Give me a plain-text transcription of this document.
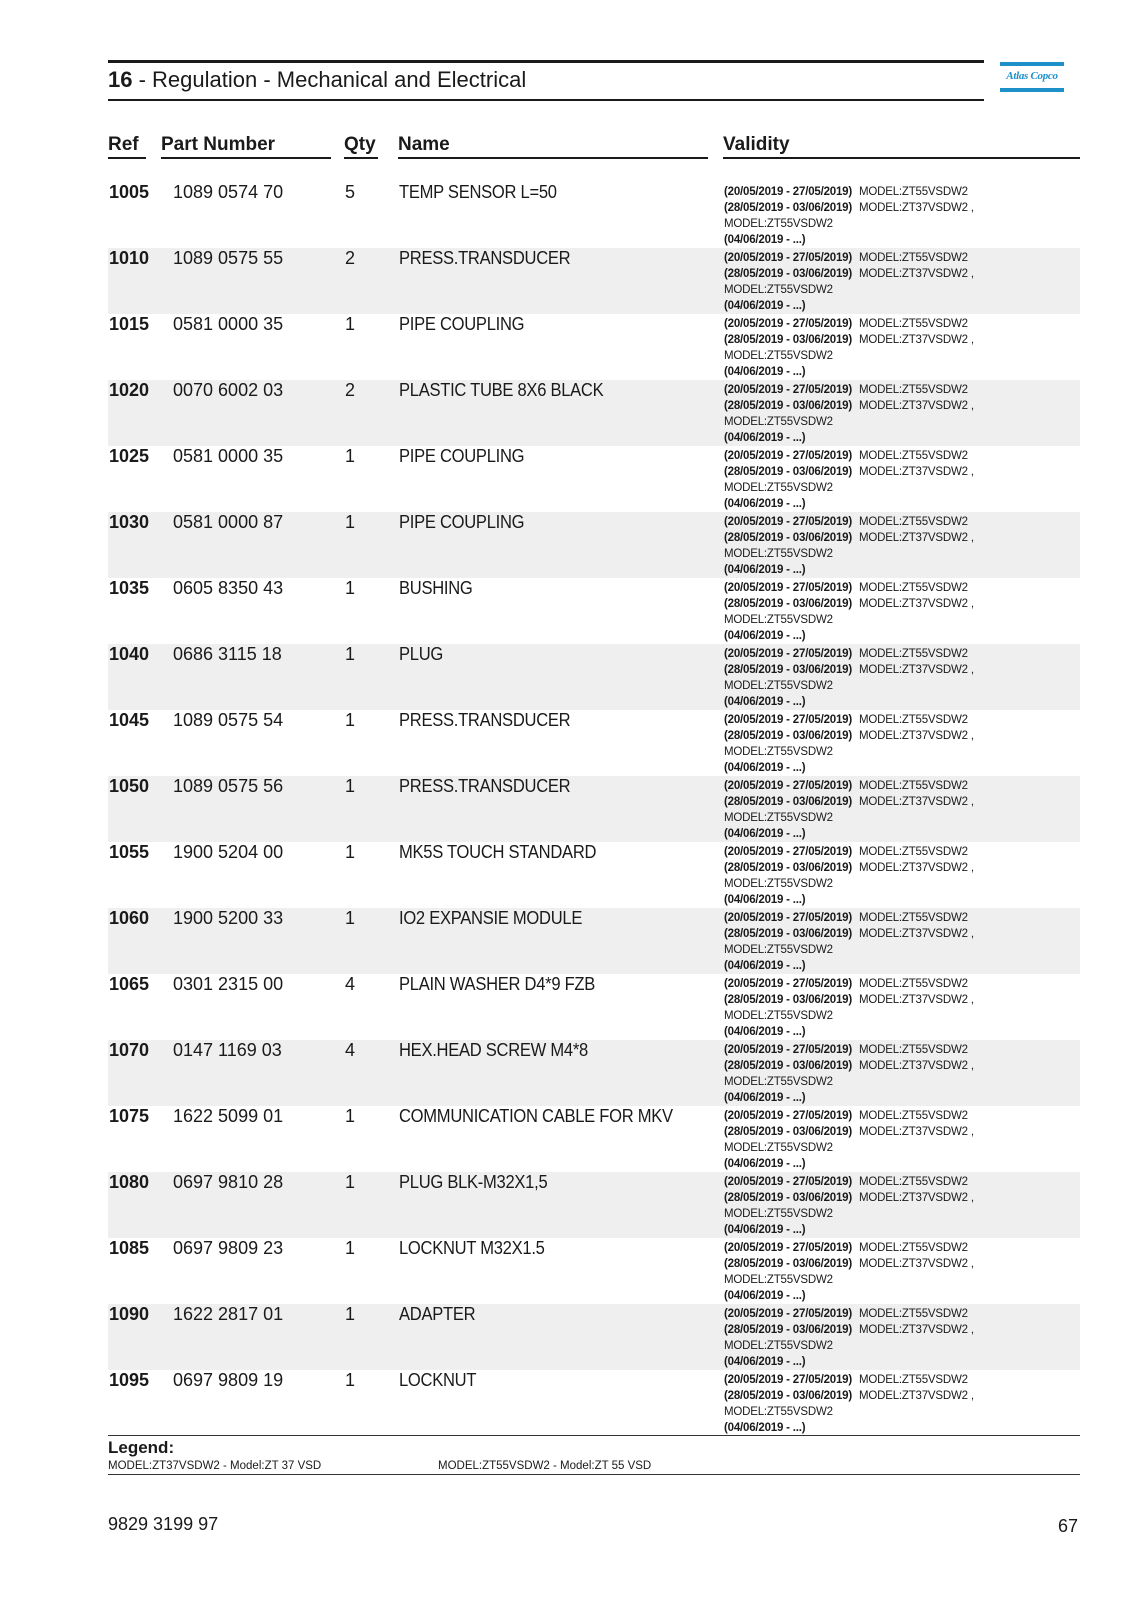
16 - Regulation - Mechanical and Electrical	Atlas Copco
Ref Part Number	Qty Name	Validity
1005 1089 0574 70	5 TEMP SENSOR L=50	(20/05/2019 - 27/05/2019) MODEL:ZT55VSDW2
(28/05/2019 - 03/06/2019) MODEL:ZT37VSDW2 ,
MODEL:ZT55VSDW2
(04/06/2019 - ...)
1010 1089 0575 55	2 PRESS.TRANSDUCER	(20/05/2019 - 27/05/2019) MODEL:ZT55VSDW2
(28/05/2019 - 03/06/2019) MODEL:ZT37VSDW2 ,
MODEL:ZT55VSDW2
(04/06/2019 - ...)
1015 0581 0000 35	1 PIPE COUPLING	(20/05/2019 - 27/05/2019) MODEL:ZT55VSDW2
(28/05/2019 - 03/06/2019) MODEL:ZT37VSDW2 ,
MODEL:ZT55VSDW2
(04/06/2019 - ...)
1020 0070 6002 03	2 PLASTIC TUBE 8X6 BLACK	(20/05/2019 - 27/05/2019) MODEL:ZT55VSDW2
(28/05/2019 - 03/06/2019) MODEL:ZT37VSDW2 ,
MODEL:ZT55VSDW2
(04/06/2019 - ...)
1025 0581 0000 35	1 PIPE COUPLING	(20/05/2019 - 27/05/2019) MODEL:ZT55VSDW2
(28/05/2019 - 03/06/2019) MODEL:ZT37VSDW2 ,
MODEL:ZT55VSDW2
(04/06/2019 - ...)
1030 0581 0000 87	1 PIPE COUPLING	(20/05/2019 - 27/05/2019) MODEL:ZT55VSDW2
(28/05/2019 - 03/06/2019) MODEL:ZT37VSDW2 ,
MODEL:ZT55VSDW2
(04/06/2019 - ...)
1035 0605 8350 43	1 BUSHING	(20/05/2019 - 27/05/2019) MODEL:ZT55VSDW2
(28/05/2019 - 03/06/2019) MODEL:ZT37VSDW2 ,
MODEL:ZT55VSDW2
(04/06/2019 - ...)
1040 0686 3115 18	1 PLUG	(20/05/2019 - 27/05/2019) MODEL:ZT55VSDW2
(28/05/2019 - 03/06/2019) MODEL:ZT37VSDW2 ,
MODEL:ZT55VSDW2
(04/06/2019 - ...)
1045 1089 0575 54	1 PRESS.TRANSDUCER	(20/05/2019 - 27/05/2019) MODEL:ZT55VSDW2
(28/05/2019 - 03/06/2019) MODEL:ZT37VSDW2 ,
MODEL:ZT55VSDW2
(04/06/2019 - ...)
1050 1089 0575 56	1 PRESS.TRANSDUCER	(20/05/2019 - 27/05/2019) MODEL:ZT55VSDW2
(28/05/2019 - 03/06/2019) MODEL:ZT37VSDW2 ,
MODEL:ZT55VSDW2
(04/06/2019 - ...)
1055 1900 5204 00	1 MK5S TOUCH STANDARD	(20/05/2019 - 27/05/2019) MODEL:ZT55VSDW2
(28/05/2019 - 03/06/2019) MODEL:ZT37VSDW2 ,
MODEL:ZT55VSDW2
(04/06/2019 - ...)
1060 1900 5200 33	1 IO2 EXPANSIE MODULE	(20/05/2019 - 27/05/2019) MODEL:ZT55VSDW2
(28/05/2019 - 03/06/2019) MODEL:ZT37VSDW2 ,
MODEL:ZT55VSDW2
(04/06/2019 - ...)
1065 0301 2315 00	4 PLAIN WASHER D4*9 FZB	(20/05/2019 - 27/05/2019) MODEL:ZT55VSDW2
(28/05/2019 - 03/06/2019) MODEL:ZT37VSDW2 ,
MODEL:ZT55VSDW2
(04/06/2019 - ...)
1070 0147 1169 03	4 HEX.HEAD SCREW M4*8	(20/05/2019 - 27/05/2019) MODEL:ZT55VSDW2
(28/05/2019 - 03/06/2019) MODEL:ZT37VSDW2 ,
MODEL:ZT55VSDW2
(04/06/2019 - ...)
1075 1622 5099 01	1 COMMUNICATION CABLE FOR MKV	(20/05/2019 - 27/05/2019) MODEL:ZT55VSDW2
(28/05/2019 - 03/06/2019) MODEL:ZT37VSDW2 ,
MODEL:ZT55VSDW2
(04/06/2019 - ...)
1080 0697 9810 28	1 PLUG BLK-M32X1,5	(20/05/2019 - 27/05/2019) MODEL:ZT55VSDW2
(28/05/2019 - 03/06/2019) MODEL:ZT37VSDW2 ,
MODEL:ZT55VSDW2
(04/06/2019 - ...)
1085 0697 9809 23	1 LOCKNUT M32X1.5	(20/05/2019 - 27/05/2019) MODEL:ZT55VSDW2
(28/05/2019 - 03/06/2019) MODEL:ZT37VSDW2 ,
MODEL:ZT55VSDW2
(04/06/2019 - ...)
1090 1622 2817 01	1 ADAPTER	(20/05/2019 - 27/05/2019) MODEL:ZT55VSDW2
(28/05/2019 - 03/06/2019) MODEL:ZT37VSDW2 ,
MODEL:ZT55VSDW2
(04/06/2019 - ...)
1095 0697 9809 19	1 LOCKNUT	(20/05/2019 - 27/05/2019) MODEL:ZT55VSDW2
(28/05/2019 - 03/06/2019) MODEL:ZT37VSDW2 ,
MODEL:ZT55VSDW2
(04/06/2019 - ...)
Legend:
MODEL:ZT37VSDW2 - Model:ZT 37 VSD	MODEL:ZT55VSDW2 - Model:ZT 55 VSD
9829 3199 97	67
